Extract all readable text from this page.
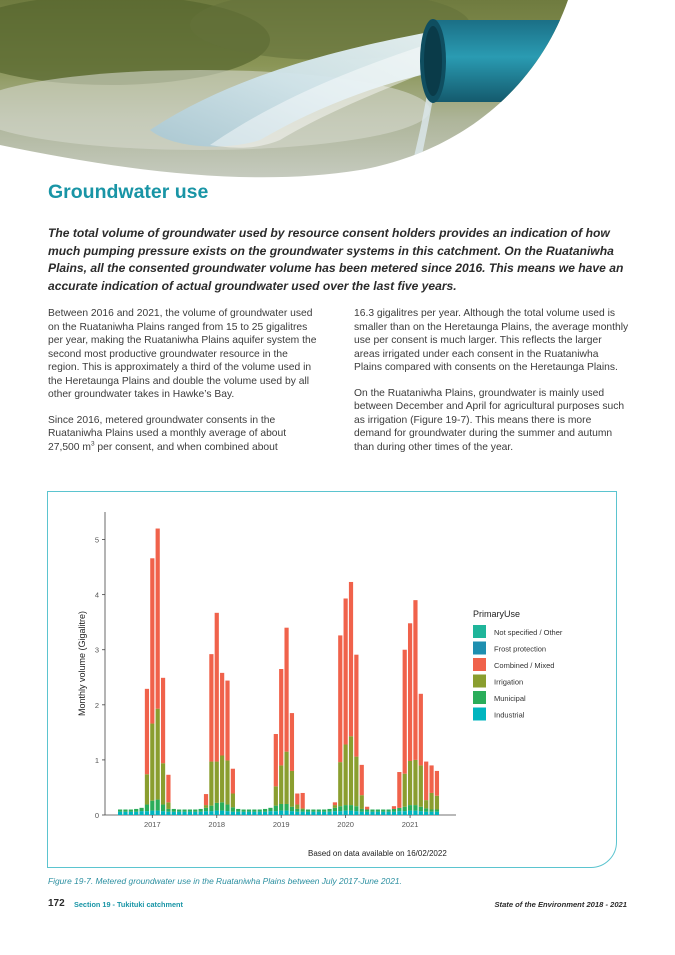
Groundwater use

The total volume of groundwater used by resource consent holders provides an indication of how much pumping pressure exists on the groundwater systems in this catchment. On the Ruataniwha Plains, all the consented groundwater volume has been metered since 2016. This means we have an accurate indication of actual groundwater used over the last five years.

Between 2016 and 2021, the volume of groundwater used on the Ruataniwha Plains ranged from 15 to 25 gigalitres per year, making the Ruataniwha Plains aquifer system the second most productive groundwater resource in the region. This is approximately a third of the volume used in the Heretaunga Plains and double the volume used by all other groundwater takes in Hawke’s Bay.

Since 2016, metered groundwater consents in the Ruataniwha Plains used a monthly average of about 27,500 $m^3$ per consent, and when combined about

16.3 gigalitres per year. Although the total volume used is smaller than on the Heretaunga Plains, the average monthly use per consent is much larger. This reflects the larger areas irrigated under each consent in the Ruataniwha Plains compared with consents on the Heretaunga Plains.

On the Ruataniwha Plains, groundwater is mainly used between December and April for agricultural purposes such as irrigation (Figure 19-7). This means there is more demand for groundwater during the summer and autumn than during other times of the year.

0
1
2
3
4
5
Monthly volume (Gigalitre)
2017	2018	2019	2020	2021
Based on data available on 16/02/2022
PrimaryUse
Not specified / Other
Frost protection
Combined / Mixed
Irrigation
Municipal
Industrial
Figure 19-7. Metered groundwater use in the Ruataniwha Plains between July 2017-June 2021.
172 Section 19 - Tukituki catchment	State of the Environment 2018 - 2021
